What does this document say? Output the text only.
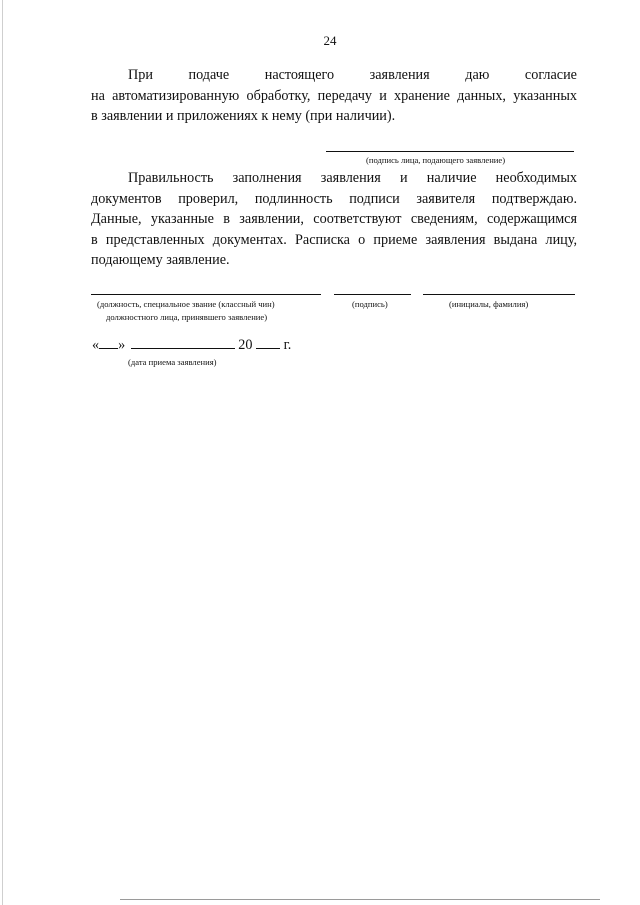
24
При	подаче	настоящего	заявления	даю	согласие
на автоматизированную обработку, передачу и хранение данных, указанных
в заявлении и приложениях к нему (при наличии).
(подпись лица, подающего заявление)
Правильность заполнения заявления и наличие необходимых
документов проверил, подлинность подписи заявителя подтверждаю.
Данные, указанные в заявлении, соответствуют сведениям, содержащимся
в представленных документах. Расписка о приеме заявления выдана лицу,
подающему заявление.
(должность, специальное звание (классный чин)
должностного лица, принявшего заявление)
(подпись)	(инициалы, фамилия)
« »	20 г.
(дата приема заявления)
